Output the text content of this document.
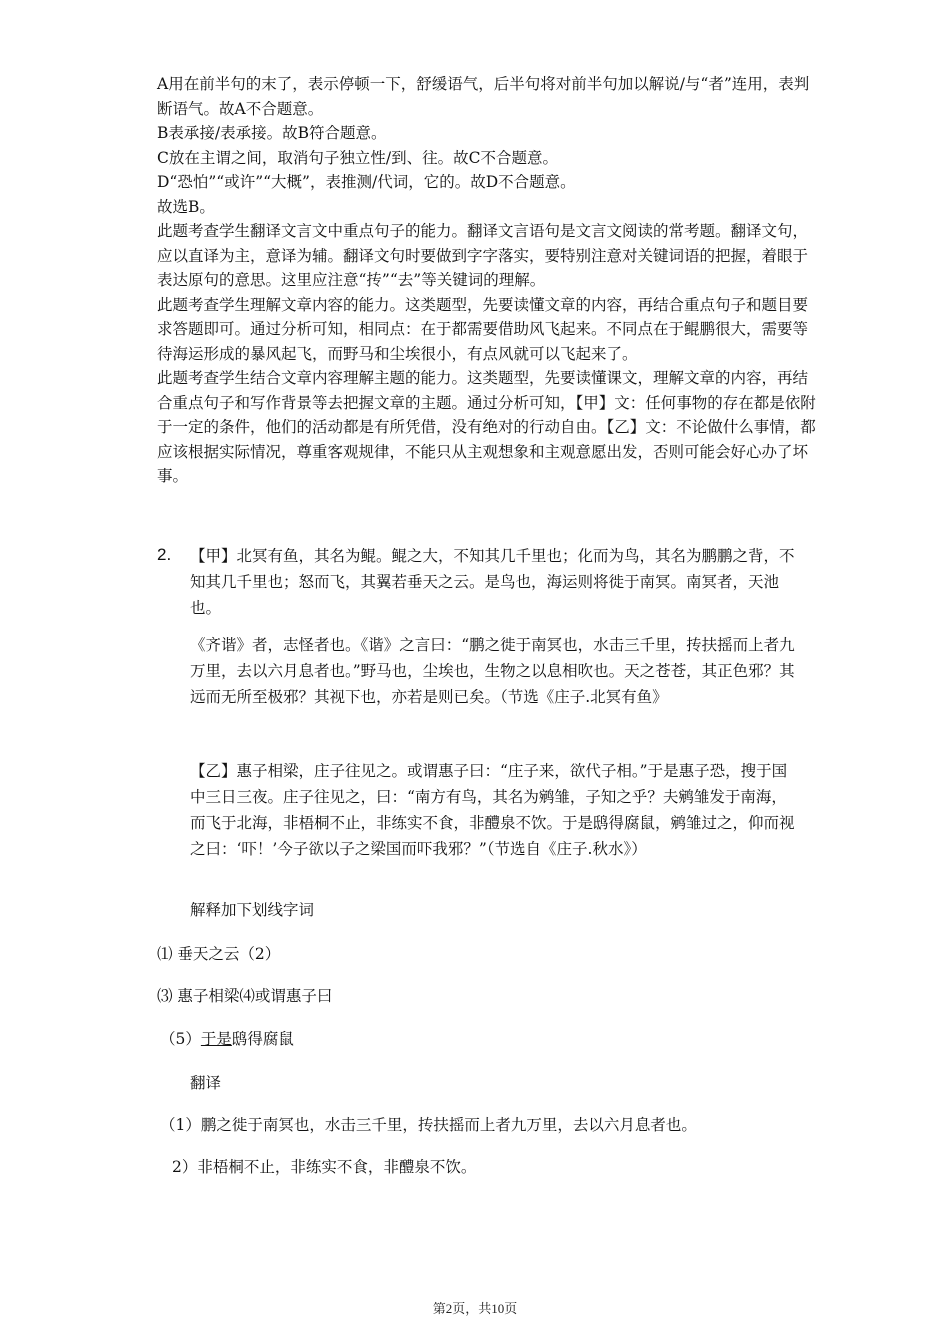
A用在前半句的末了，表示停顿一下，舒缓语气，后半句将对前半句加以解说/与“者”连用，表判断语气。故A不合题意。

B表承接/表承接。故B符合题意。

C放在主谓之间，取消句子独立性/到、往。故C不合题意。

D“恐怕”“或许”“大概”，表推测/代词，它的。故D不合题意。

故选B。

此题考查学生翻译文言文中重点句子的能力。翻译文言语句是文言文阅读的常考题。翻译文句，应以直译为主，意译为辅。翻译文句时要做到字字落实，要特别注意对关键词语的把握，着眼于表达原句的意思。这里应注意“抟”“去”等关键词的理解。

此题考查学生理解文章内容的能力。这类题型，先要读懂文章的内容，再结合重点句子和题目要求答题即可。通过分析可知，相同点：在于都需要借助风飞起来。不同点在于鲲鹏很大，需要等待海运形成的暴风起飞，而野马和尘埃很小，有点风就可以飞起来了。

此题考查学生结合文章内容理解主题的能力。这类题型，先要读懂课文，理解文章的内容，再结合重点句子和写作背景等去把握文章的主题。通过分析可知，【甲】文：任何事物的存在都是依附于一定的条件，他们的活动都是有所凭借，没有绝对的行动自由。【乙】文：不论做什么事情，都应该根据实际情况，尊重客观规律，不能只从主观想象和主观意愿出发，否则可能会好心办了坏事。

2. 【甲】北冥有鱼，其名为鲲。鲲之大，不知其几千里也；化而为鸟，其名为鹏鹏之背，不知其几千里也；怒而飞，其翼若垂天之云。是鸟也，海运则将徙于南冥。南冥者，天池也。

《齐谐》者，志怪者也。《谐》之言曰：“鹏之徙于南冥也，水击三千里，抟扶摇而上者九万里，去以六月息者也。”野马也，尘埃也，生物之以息相吹也。天之苍苍，其正色邪？其远而无所至极邪？其视下也，亦若是则已矣。（节选《庄子.北冥有鱼》

【乙】惠子相梁，庄子往见之。或谓惠子曰：“庄子来，欲代子相。”于是惠子恐，搜于国中三日三夜。庄子往见之，曰：“南方有鸟，其名为鹓雏，子知之乎？夫鹓雏发于南海，而飞于北海，非梧桐不止，非练实不食，非醴泉不饮。于是鸱得腐鼠，鹓雏过之，仰而视之曰：‘吓！’今子欲以子之梁国而吓我邪？”（节选自《庄子.秋水》）

解释加下划线字词
⑴ 垂天之云（2）
⑶ 惠子相梁⑷或谓惠子曰
（5）于是鸱得腐鼠
翻译
（1）鹏之徙于南冥也，水击三千里，抟扶摇而上者九万里，去以六月息者也。
2）非梧桐不止，非练实不食，非醴泉不饮。
第2页，共10页
